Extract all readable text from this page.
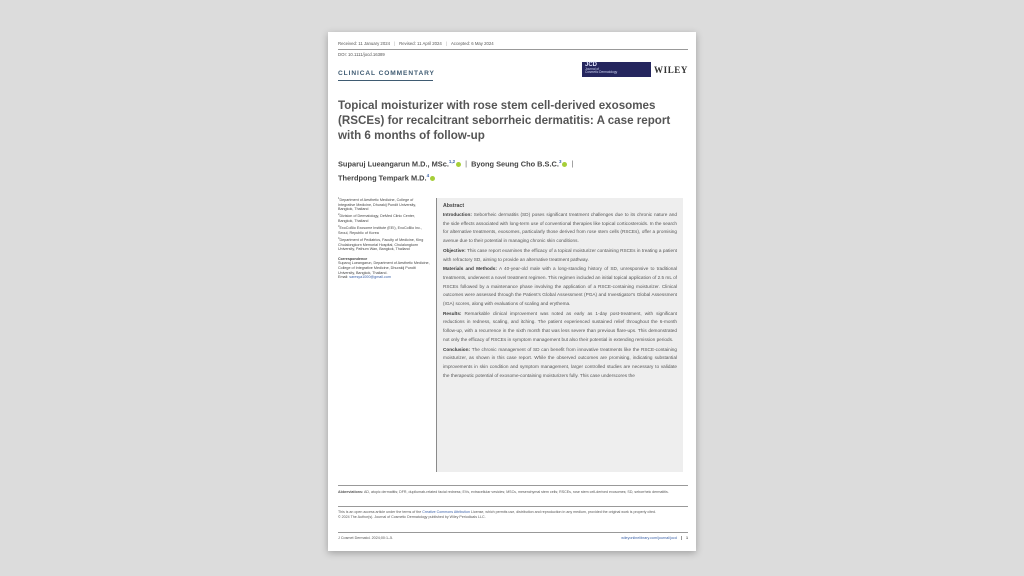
Received: 11 January 2024 | Revised: 11 April 2024 | Accepted: 6 May 2024
DOI: 10.1111/jocd.16389
CLINICAL COMMENTARY
JCD
Journal of
Cosmetic Dermatology	WILEY
Topical moisturizer with rose stem cell-derived exosomes (RSCEs) for recalcitrant seborrheic dermatitis: A case report with 6 months of follow-up
Suparuj Lueangarun M.D., MSc.$^{1,2}$ | Byong Seung Cho B.S.C.$^3$ |
Therdpong Tempark M.D.$^4$
$^1$Department of Aesthetic Medicine, College of Integrative Medicine, Dhurakij Pundit University, Bangkok, Thailand
$^2$Division of Dermatology, DeMed Clinic Center, Bangkok, Thailand
$^3$ExoCoBio Exosome Institute (EEI), ExoCoBio Inc., Seoul, Republic of Korea
$^4$Department of Pediatrics, Faculty of Medicine, King Chulalongkorn Memorial Hospital, Chulalongkorn University, Pathum Wan, Bangkok, Thailand
Correspondence
Suparuj Lueangarun, Department of Aesthetic Medicine, College of Integrative Medicine, Dhurakij Pundit University, Bangkok, Thailand.
Email: saresya1000@gmail.com
Abstract

Introduction: Seborrheic dermatitis (SD) poses significant treatment challenges due to its chronic nature and the side effects associated with long-term use of conventional therapies like topical corticosteroids. In the search for alternative treatments, exosomes, particularly those derived from rose stem cells (RSCEs), offer a promising avenue due to their potential in managing chronic skin conditions.

Objective: This case report examines the efficacy of a topical moisturizer containing RSCEs in treating a patient with refractory SD, aiming to provide an alternative treatment pathway.

Materials and Methods: A 40-year-old male with a long-standing history of SD, unresponsive to traditional treatments, underwent a novel treatment regimen. This regimen included an initial topical application of 2.5 mL of RSCEs followed by a maintenance phase involving the application of a RSCE-containing moisturizer. Clinical outcomes were assessed through the Patient's Global Assessment (PGA) and Investigator's Global Assessment (IGA) scores, along with evaluations of scaling and erythema.

Results: Remarkable clinical improvement was noted as early as 1-day post-treatment, with significant reductions in redness, scaling, and itching. The patient experienced sustained relief throughout the 6-month follow-up, with a recurrence in the sixth month that was less severe than previous flare-ups. This demonstrated not only the efficacy of RSCEs in symptom management but also their potential in extending remission periods.

Conclusion: The chronic management of SD can benefit from innovative treatments like the RSCE-containing moisturizer, as shown in this case report. While the observed outcomes are promising, indicating substantial improvements in skin condition and symptom management, larger controlled studies are necessary to validate the therapeutic potential of exosome-containing moisturizers fully. This case underscores the

Abbreviations: AD, atopic dermatitis; DFR, dupilumab-related facial redness; EVs, extracellular vesicles; MSCs, mesenchymal stem cells; RSCEs, rose stem cell-derived exosomes; SD, seborrheic dermatitis.
This is an open access article under the terms of the Creative Commons Attribution License, which permits use, distribution and reproduction in any medium, provided the original work is properly cited.
© 2024 The Author(s). Journal of Cosmetic Dermatology published by Wiley Periodicals LLC.
J Cosmet Dermatol. 2024;00:1–5.	wileyonlinelibrary.com/journal/jocd 1
